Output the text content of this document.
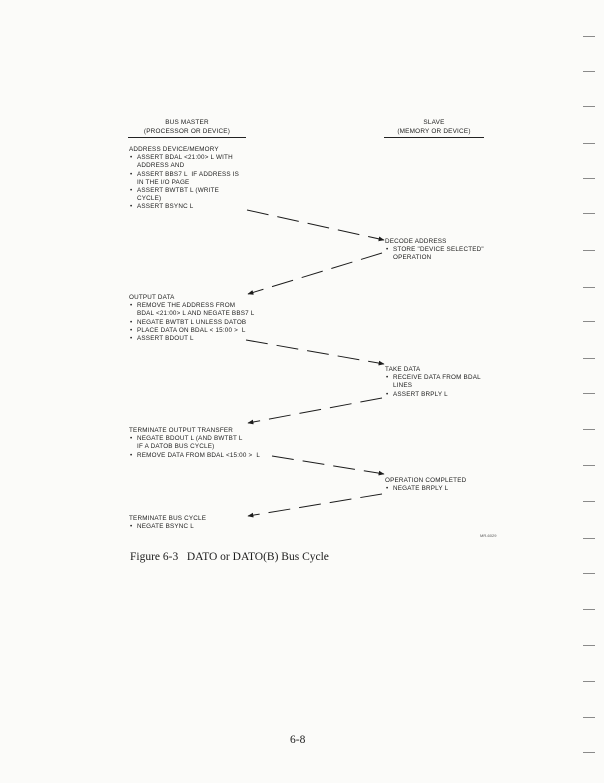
BUS MASTER
(PROCESSOR OR DEVICE)
SLAVE
(MEMORY OR DEVICE)
ADDRESS DEVICE/MEMORY
• ASSERT BDAL <21:00> L WITH
ADDRESS AND
• ASSERT BBS7 L  IF ADDRESS IS
IN THE I/O PAGE
• ASSERT BWTBT L (WRITE
CYCLE)
• ASSERT BSYNC L
DECODE ADDRESS
• STORE "DEVICE SELECTED"
OPERATION
OUTPUT DATA
• REMOVE THE ADDRESS FROM
BDAL <21:00> L AND NEGATE BBS7 L
• NEGATE BWTBT L UNLESS DATOB
• PLACE DATA ON BDAL < 15:00 >  L
• ASSERT BDOUT L
TAKE DATA
• RECEIVE DATA FROM BDAL
LINES
• ASSERT BRPLY L
TERMINATE OUTPUT TRANSFER
• NEGATE BDOUT L (AND BWTBT L
IF A DATOB BUS CYCLE)
• REMOVE DATA FROM BDAL <15:00 >  L
OPERATION COMPLETED
• NEGATE BRPLY L
TERMINATE BUS CYCLE
• NEGATE BSYNC L
MR-6029
Figure 6-3   DATO or DATO(B) Bus Cycle
6-8
